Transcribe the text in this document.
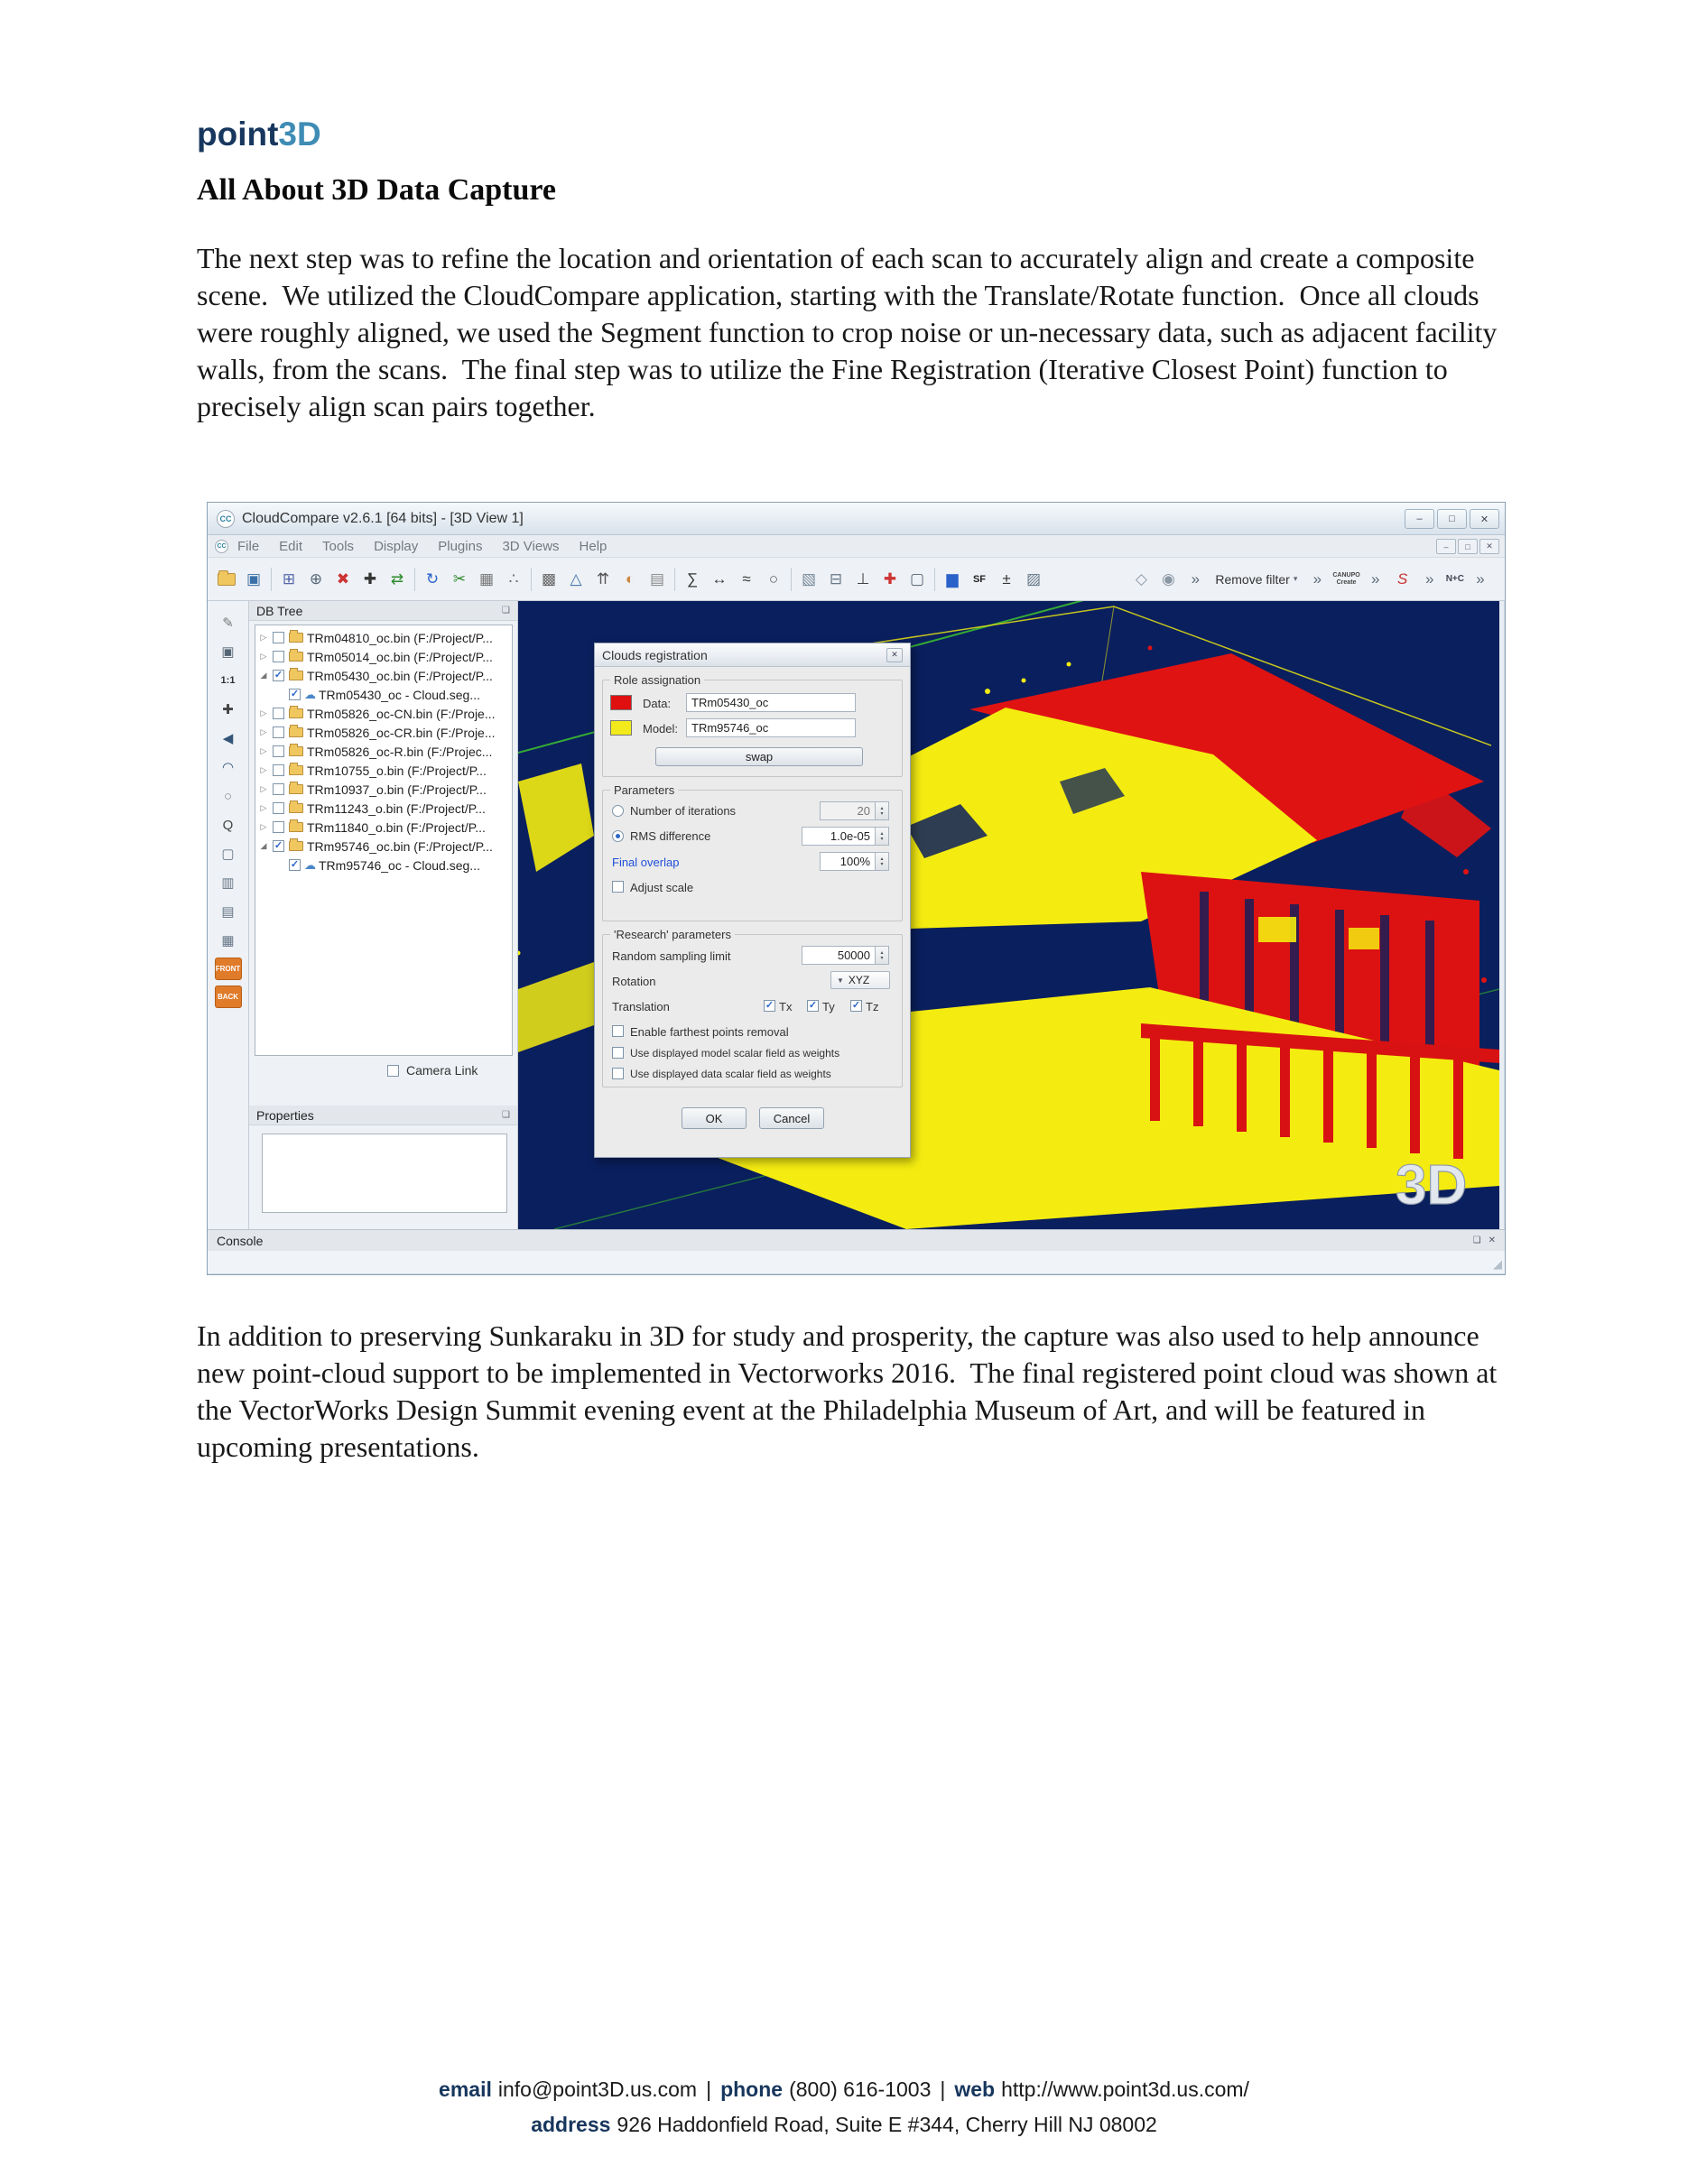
point3D
All About 3D Data Capture
The next step was to refine the location and orientation of each scan to accurately align and create a composite scene.  We utilized the CloudCompare application, starting with the Translate/Rotate function.  Once all clouds were roughly aligned, we used the Segment function to crop noise or un-necessary data, such as adjacent facility walls, from the scans.  The final step was to utilize the Fine Registration (Iterative Closest Point) function to precisely align scan pairs together.
In addition to preserving Sunkaraku in 3D for study and prosperity, the capture was also used to help announce new point-cloud support to be implemented in Vectorworks 2016.  The final registered point cloud was shown at the VectorWorks Design Summit evening event at the Philadelphia Museum of Art, and will be featured in upcoming presentations.
CC CloudCompare v2.6.1 [64 bits] - [3D View 1]	–	□	✕
CC File Edit Tools Display Plugins 3D Views Help	–	□	✕
▣	⊞ ⊕ ✖ ✚ ⇄	↻ ✂ ▦ ∴	▩ △ ⇈	◐ ▤	∑ ↔ ≈	○	▧ ⊟ ⊥ ✚ ▢	▆	SF	±	▨	◇ ◉	»	Remove filter ▾	»	CANUPO
Create »	S	»	N+C »
✎
▣
1:1
✚
◀
◠
○
Q
▢
▥
▤
▦
FRONT
BACK
DB Tree	❏
▷	TRm04810_oc.bin (F:/Project/P...
▷	TRm05014_oc.bin (F:/Project/P...
◢ ✓ TRm05430_oc.bin (F:/Project/P...
✓ ☁ TRm05430_oc - Cloud.seg...
▷	TRm05826_oc-CN.bin (F:/Proje...
▷	TRm05826_oc-CR.bin (F:/Proje...
▷	TRm05826_oc-R.bin (F:/Projec...
▷	TRm10755_o.bin (F:/Project/P...
▷	TRm10937_o.bin (F:/Project/P...
▷	TRm11243_o.bin (F:/Project/P...
▷	TRm11840_o.bin (F:/Project/P...
◢ ✓ TRm95746_oc.bin (F:/Project/P...
✓ ☁ TRm95746_oc - Cloud.seg...
Camera Link
Properties	❏
3D
Clouds registration	✕
Role assignation
Data:	TRm05430_oc
Model:	TRm95746_oc
swap
Parameters
Number of iterations	20	▴
▾
RMS difference	1.0e-05	▴
▾
Final overlap	100%	▴
▾
Adjust scale
'Research' parameters
Random sampling limit	50000	▴
▾
Rotation	▼ XYZ
Translation	✓ Tx ✓ Ty ✓ Tz
Enable farthest points removal
Use displayed model scalar field as weights
Use displayed data scalar field as weights
OK	Cancel
Console	❏ ✕
◢
email info@point3D.us.com | phone (800) 616-1003 | web http://www.point3d.us.com/
address 926 Haddonfield Road, Suite E #344, Cherry Hill NJ 08002
